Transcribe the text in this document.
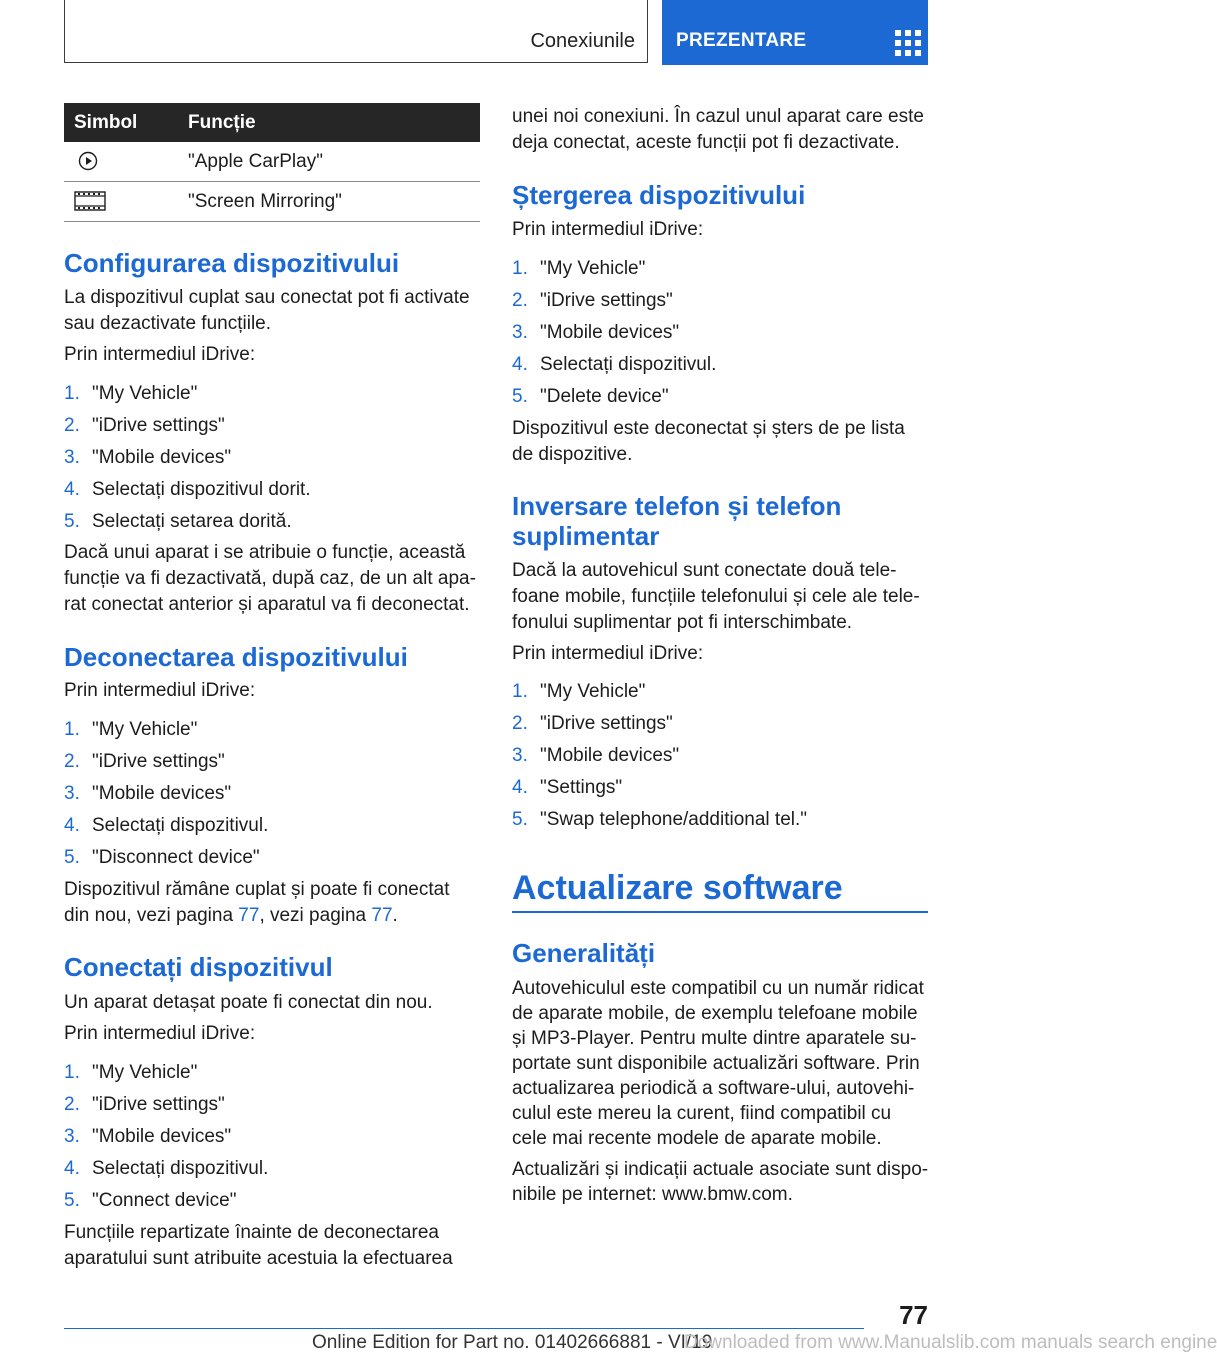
Conexiunile PREZENTARE
Simbol	Funcție
	"Apple CarPlay"
	"Screen Mirroring"
Configurarea dispozitivului
La dispozitivul cuplat sau conectat pot fi activate
sau dezactivate funcțiile.
Prin intermediul iDrive:
1. "My Vehicle"
2. "iDrive settings"
3. "Mobile devices"
4. Selectați dispozitivul dorit.
5. Selectați setarea dorită.
Dacă unui aparat i se atribuie o funcție, această
funcție va fi dezactivată, după caz, de un alt apa‐
rat conectat anterior și aparatul va fi deconectat.
Deconectarea dispozitivului
Prin intermediul iDrive:
1. "My Vehicle"
2. "iDrive settings"
3. "Mobile devices"
4. Selectați dispozitivul.
5. "Disconnect device"
Dispozitivul rămâne cuplat și poate fi conectat
din nou, vezi pagina 77, vezi pagina 77.
Conectați dispozitivul
Un aparat detașat poate fi conectat din nou.
Prin intermediul iDrive:
1. "My Vehicle"
2. "iDrive settings"
3. "Mobile devices"
4. Selectați dispozitivul.
5. "Connect device"
Funcțiile repartizate înainte de deconectarea
aparatului sunt atribuite acestuia la efectuarea
unei noi conexiuni. În cazul unul aparat care este
deja conectat, aceste funcții pot fi dezactivate.
Ștergerea dispozitivului
Prin intermediul iDrive:
1. "My Vehicle"
2. "iDrive settings"
3. "Mobile devices"
4. Selectați dispozitivul.
5. "Delete device"
Dispozitivul este deconectat și șters de pe lista
de dispozitive.
Inversare telefon și telefon
suplimentar
Dacă la autovehicul sunt conectate două tele‐
foane mobile, funcțiile telefonului și cele ale tele‐
fonului suplimentar pot fi interschimbate.
Prin intermediul iDrive:
1. "My Vehicle"
2. "iDrive settings"
3. "Mobile devices"
4. "Settings"
5. "Swap telephone/additional tel."
Actualizare software
Generalități
Autovehiculul este compatibil cu un număr ridicat
de aparate mobile, de exemplu telefoane mobile
și MP3-Player. Pentru multe dintre aparatele su‐
portate sunt disponibile actualizări software. Prin
actualizarea periodică a software-ului, autovehi‐
culul este mereu la curent, fiind compatibil cu
cele mai recente modele de aparate mobile.
Actualizări și indicații actuale asociate sunt dispo‐
nibile pe internet: www.bmw.com.
77
Online Edition for Part no. 01402666881 - VI/19
Downloaded from www.Manualslib.com manuals search engine
